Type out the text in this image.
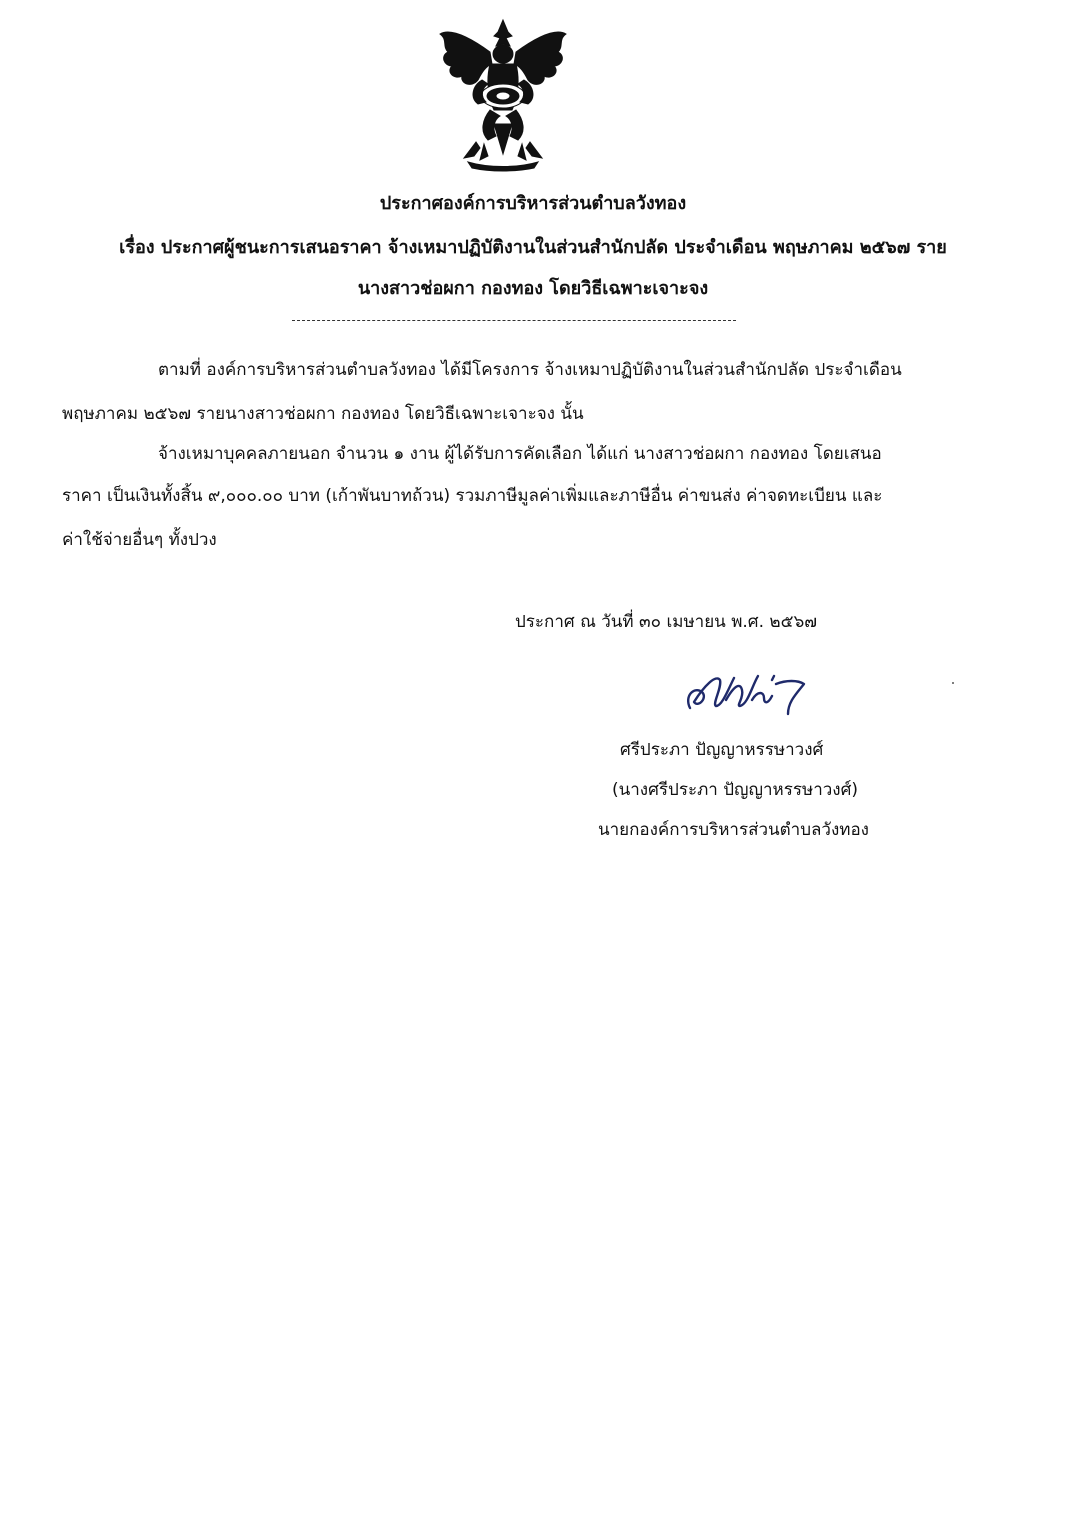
ประกาศองค์การบริหารส่วนตำบลวังทอง
เรื่อง ประกาศผู้ชนะการเสนอราคา จ้างเหมาปฏิบัติงานในส่วนสำนักปลัด ประจำเดือน พฤษภาคม ๒๕๖๗ ราย
นางสาวช่อผกา กองทอง โดยวิธีเฉพาะเจาะจง
ตามที่ องค์การบริหารส่วนตำบลวังทอง ได้มีโครงการ จ้างเหมาปฏิบัติงานในส่วนสำนักปลัด ประจำเดือน
พฤษภาคม ๒๕๖๗ รายนางสาวช่อผกา กองทอง โดยวิธีเฉพาะเจาะจง นั้น
จ้างเหมาบุคคลภายนอก จำนวน ๑ งาน ผู้ได้รับการคัดเลือก ได้แก่ นางสาวช่อผกา กองทอง โดยเสนอ
ราคา เป็นเงินทั้งสิ้น ๙,๐๐๐.๐๐ บาท (เก้าพันบาทถ้วน) รวมภาษีมูลค่าเพิ่มและภาษีอื่น ค่าขนส่ง ค่าจดทะเบียน และ
ค่าใช้จ่ายอื่นๆ ทั้งปวง
ประกาศ ณ วันที่ ๓๐ เมษายน พ.ศ. ๒๕๖๗
ศรีประภา ปัญญาหรรษาวงศ์
(นางศรีประภา ปัญญาหรรษาวงศ์)
นายกองค์การบริหารส่วนตำบลวังทอง
